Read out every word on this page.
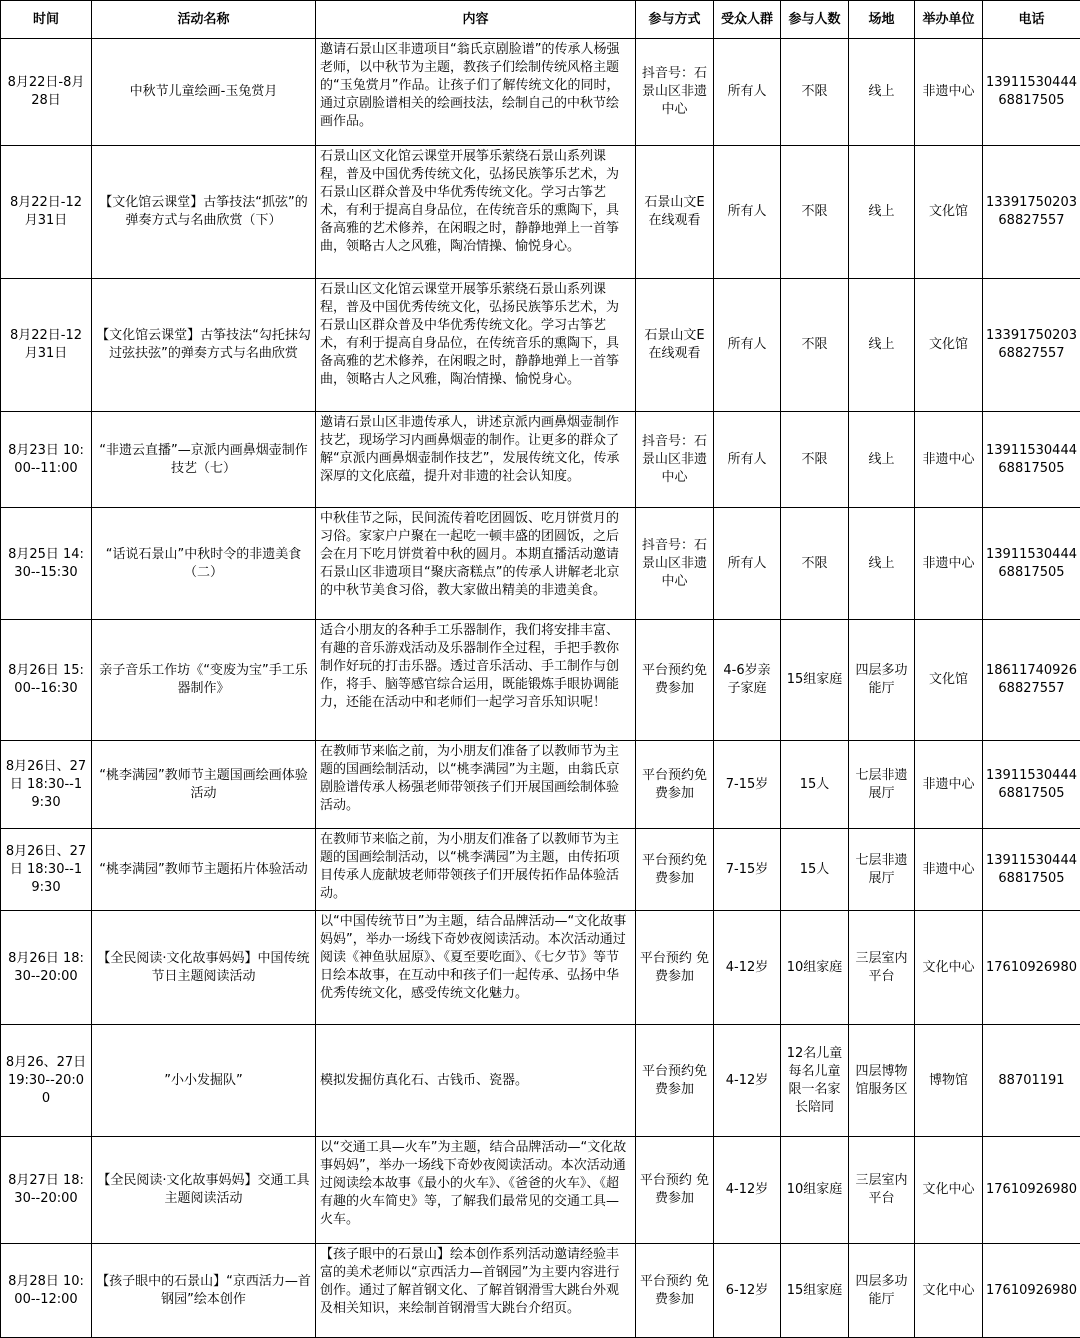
时间	活动名称	内容	参与方式	受众人群	参与人数	场地	举办单位	电话
8月22日-8月28日	中秋节儿童绘画-玉兔赏月	邀请石景山区非遗项目“翁氏京剧脸谱”的传承人杨强老师，以中秋节为主题，教孩子们绘制传统风格主题的“玉兔赏月”作品。让孩子们了解传统文化的同时，通过京剧脸谱相关的绘画技法，绘制自己的中秋节绘画作品。	抖音号：石景山区非遗中心	所有人	不限	线上	非遗中心	13911530444 68817505
8月22日-12月31日	【文化馆云课堂】古筝技法“抓弦”的弹奏方式与名曲欣赏（下）	石景山区文化馆云课堂开展筝乐萦绕石景山系列课程，普及中国优秀传统文化，弘扬民族筝乐艺术，为石景山区群众普及中华优秀传统文化。学习古筝艺术，有利于提高自身品位，在传统音乐的熏陶下，具备高雅的艺术修养，在闲暇之时，静静地弹上一首筝曲，领略古人之风雅，陶冶情操、愉悦身心。	石景山文E在线观看	所有人	不限	线上	文化馆	13391750203 68827557
8月22日-12月31日	【文化馆云课堂】古筝技法“勾托抹勾过弦扶弦”的弹奏方式与名曲欣赏	石景山区文化馆云课堂开展筝乐萦绕石景山系列课程，普及中国优秀传统文化，弘扬民族筝乐艺术，为石景山区群众普及中华优秀传统文化。学习古筝艺术，有利于提高自身品位，在传统音乐的熏陶下，具备高雅的艺术修养，在闲暇之时，静静地弹上一首筝曲，领略古人之风雅，陶冶情操、愉悦身心。	石景山文E在线观看	所有人	不限	线上	文化馆	13391750203 68827557
8月23日 10:00--11:00	“非遗云直播”—京派内画鼻烟壶制作技艺（七）	邀请石景山区非遗传承人，讲述京派内画鼻烟壶制作技艺，现场学习内画鼻烟壶的制作。让更多的群众了解“京派内画鼻烟壶制作技艺”，发展传统文化，传承深厚的文化底蕴，提升对非遗的社会认知度。	抖音号：石景山区非遗中心	所有人	不限	线上	非遗中心	13911530444 68817505
8月25日 14:30--15:30	“话说石景山”中秋时令的非遗美食（二）	中秋佳节之际，民间流传着吃团圆饭、吃月饼赏月的习俗。家家户户聚在一起吃一顿丰盛的团圆饭，之后会在月下吃月饼赏着中秋的圆月。本期直播活动邀请石景山区非遗项目“聚庆斋糕点”的传承人讲解老北京的中秋节美食习俗，教大家做出精美的非遗美食。	抖音号：石景山区非遗中心	所有人	不限	线上	非遗中心	13911530444 68817505
8月26日 15:00--16:30	亲子音乐工作坊《“变废为宝”手工乐器制作》	适合小朋友的各种手工乐器制作，我们将安排丰富、有趣的音乐游戏活动及乐器制作全过程，手把手教你制作好玩的打击乐器。透过音乐活动、手工制作与创作，将手、脑等感官综合运用，既能锻炼手眼协调能力，还能在活动中和老师们一起学习音乐知识呢！	平台预约免费参加	4-6岁亲子家庭	15组家庭	四层多功能厅	文化馆	18611740926 68827557
8月26日、27日 18:30--19:30	“桃李满园”教师节主题国画绘画体验活动	在教师节来临之前，为小朋友们准备了以教师节为主题的国画绘制活动，以“桃李满园”为主题，由翁氏京剧脸谱传承人杨强老师带领孩子们开展国画绘制体验活动。	平台预约免费参加	7-15岁	15人	七层非遗展厅	非遗中心	13911530444 68817505
8月26日、27日 18:30--19:30	“桃李满园”教师节主题拓片体验活动	在教师节来临之前，为小朋友们准备了以教师节为主题的国画绘制活动，以“桃李满园”为主题，由传拓项目传承人庞献坡老师带领孩子们开展传拓作品体验活动。	平台预约免费参加	7-15岁	15人	七层非遗展厅	非遗中心	13911530444 68817505
8月26日 18:30--20:00	【全民阅读·文化故事妈妈】中国传统节日主题阅读活动	以“中国传统节日”为主题，结合品牌活动—“文化故事妈妈”，举办一场线下奇妙夜阅读活动。本次活动通过阅读《神鱼驮屈原》、《夏至要吃面》、《七夕节》等节日绘本故事，在互动中和孩子们一起传承、弘扬中华优秀传统文化，感受传统文化魅力。	平台预约 免费参加	4-12岁	10组家庭	三层室内平台	文化中心	17610926980
8月26、27日 19:30--20:00	”小小发掘队”	模拟发掘仿真化石、古钱币、瓷器。	平台预约免费参加	4-12岁	12名儿童每名儿童限一名家长陪同	四层博物馆服务区	博物馆	88701191
8月27日 18:30--20:00	【全民阅读·文化故事妈妈】交通工具主题阅读活动	以“交通工具—火车”为主题，结合品牌活动—“文化故事妈妈”，举办一场线下奇妙夜阅读活动。本次活动通过阅读绘本故事《最小的火车》、《爸爸的火车》、《超有趣的火车简史》等，了解我们最常见的交通工具—火车。	平台预约 免费参加	4-12岁	10组家庭	三层室内平台	文化中心	17610926980
8月28日 10:00--12:00	【孩子眼中的石景山】“京西活力—首钢园”绘本创作	【孩子眼中的石景山】绘本创作系列活动邀请经验丰富的美术老师以“京西活力—首钢园”为主要内容进行创作。通过了解首钢文化、了解首钢滑雪大跳台外观及相关知识，来绘制首钢滑雪大跳台介绍页。	平台预约 免费参加	6-12岁	15组家庭	四层多功能厅	文化中心	17610926980
